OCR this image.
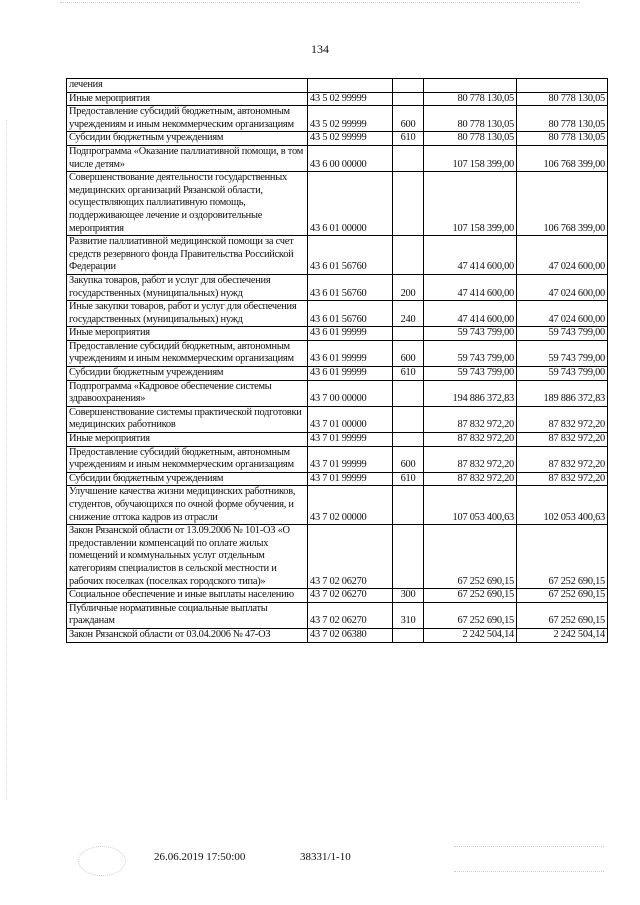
134
лечения				
Иные мероприятия	43 5 02 99999		80 778 130,05	80 778 130,05
Предоставление субсидий бюджетным, автономным учреждениям и иным некоммерческим организациям	43 5 02 99999	600	80 778 130,05	80 778 130,05
Субсидии бюджетным учреждениям	43 5 02 99999	610	80 778 130,05	80 778 130,05
Подпрограмма «Оказание паллиативной помощи, в том числе детям»	43 6 00 00000		107 158 399,00	106 768 399,00
Совершенствование деятельности государственных медицинских организаций Рязанской области, осуществляющих паллиативную помощь, поддерживающее лечение и оздоровительные мероприятия	43 6 01 00000		107 158 399,00	106 768 399,00
Развитие паллиативной медицинской помощи за счет средств резервного фонда Правительства Российской Федерации	43 6 01 56760		47 414 600,00	47 024 600,00
Закупка товаров, работ и услуг для обеспечения государственных (муниципальных) нужд	43 6 01 56760	200	47 414 600,00	47 024 600,00
Иные закупки товаров, работ и услуг для обеспечения государственных (муниципальных) нужд	43 6 01 56760	240	47 414 600,00	47 024 600,00
Иные мероприятия	43 6 01 99999		59 743 799,00	59 743 799,00
Предоставление субсидий бюджетным, автономным учреждениям и иным некоммерческим организациям	43 6 01 99999	600	59 743 799,00	59 743 799,00
Субсидии бюджетным учреждениям	43 6 01 99999	610	59 743 799,00	59 743 799,00
Подпрограмма «Кадровое обеспечение системы здравоохранения»	43 7 00 00000		194 886 372,83	189 886 372,83
Совершенствование системы практической подготовки медицинских работников	43 7 01 00000		87 832 972,20	87 832 972,20
Иные мероприятия	43 7 01 99999		87 832 972,20	87 832 972,20
Предоставление субсидий бюджетным, автономным учреждениям и иным некоммерческим организациям	43 7 01 99999	600	87 832 972,20	87 832 972,20
Субсидии бюджетным учреждениям	43 7 01 99999	610	87 832 972,20	87 832 972,20
Улучшение качества жизни медицинских работников, студентов, обучающихся по очной форме обучения, и снижение оттока кадров из отрасли	43 7 02 00000		107 053 400,63	102 053 400,63
Закон Рязанской области от 13.09.2006 № 101-ОЗ «О предоставлении компенсаций по оплате жилых помещений и коммунальных услуг отдельным категориям специалистов в сельской местности и рабочих поселках (поселках городского типа)»	43 7 02 06270		67 252 690,15	67 252 690,15
Социальное обеспечение и иные выплаты населению	43 7 02 06270	300	67 252 690,15	67 252 690,15
Публичные нормативные социальные выплаты гражданам	43 7 02 06270	310	67 252 690,15	67 252 690,15
Закон Рязанской области от 03.04.2006 № 47-ОЗ	43 7 02 06380		2 242 504,14	2 242 504,14
26.06.2019 17:50:00	38331/1-10
